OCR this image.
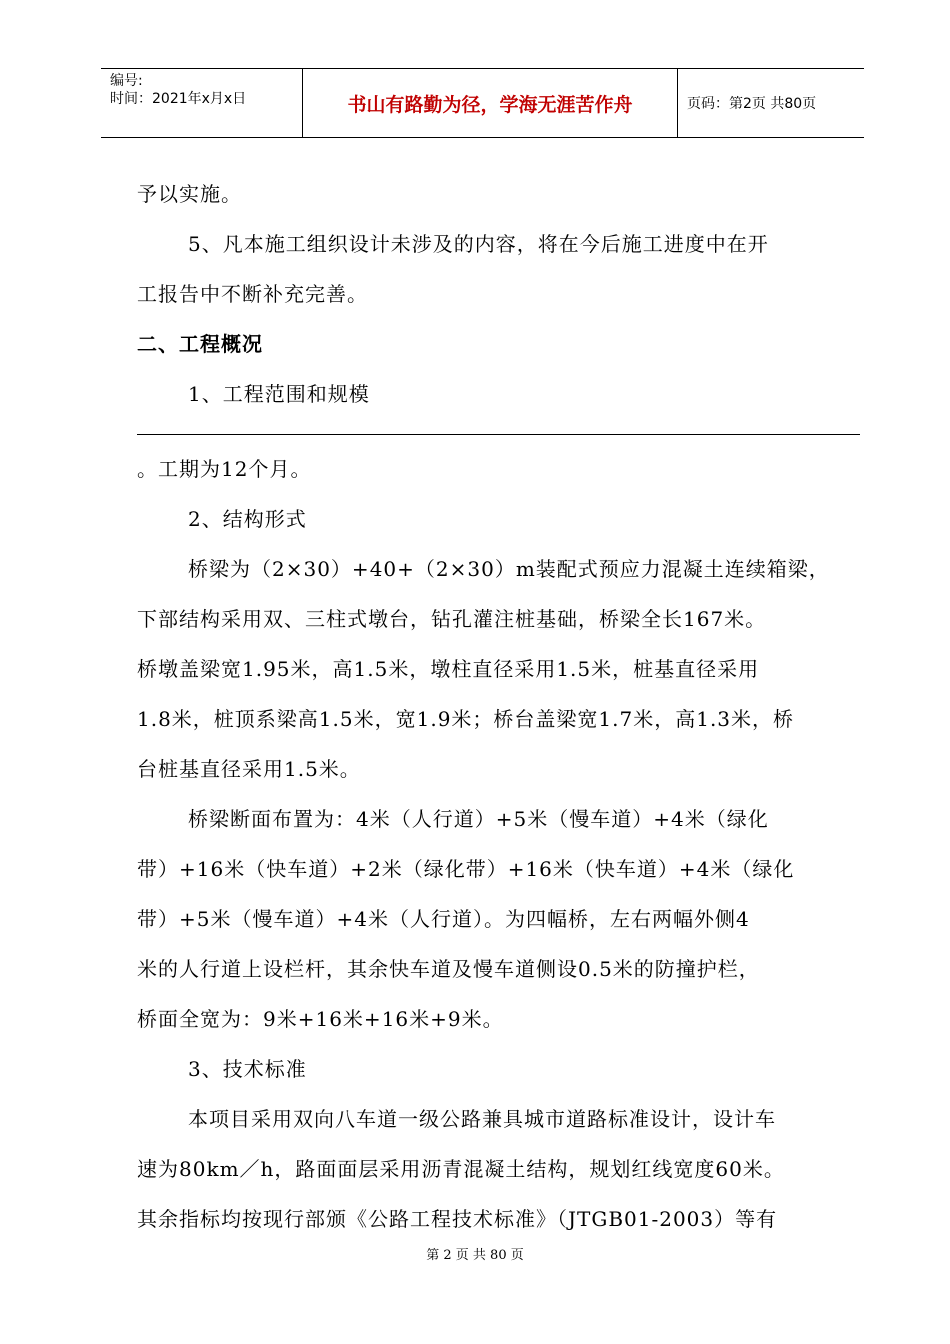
编号:
时间：2021年x月x日	书山有路勤为径，学海无涯苦作舟	页码：第2页 共80页
予以实施。
5、凡本施工组织设计未涉及的内容，将在今后施工进度中在开
工报告中不断补充完善。
二、工程概况
1、工程范围和规模
。工期为12个月。
2、结构形式
桥梁为（2×30）+40+（2×30）m装配式预应力混凝土连续箱梁，
下部结构采用双、三柱式墩台，钻孔灌注桩基础，桥梁全长167米。
桥墩盖梁宽1.95米，高1.5米，墩柱直径采用1.5米，桩基直径采用
1.8米，桩顶系梁高1.5米，宽1.9米；桥台盖梁宽1.7米，高1.3米，桥
台桩基直径采用1.5米。
桥梁断面布置为：4米（人行道）+5米（慢车道）+4米（绿化
带）+16米（快车道）+2米（绿化带）+16米（快车道）+4米（绿化
带）+5米（慢车道）+4米（人行道）。为四幅桥，左右两幅外侧4
米的人行道上设栏杆，其余快车道及慢车道侧设0.5米的防撞护栏，
桥面全宽为：9米+16米+16米+9米。
3、技术标准
本项目采用双向八车道一级公路兼具城市道路标准设计，设计车
速为80km／h，路面面层采用沥青混凝土结构，规划红线宽度60米。
其余指标均按现行部颁《公路工程技术标准》（JTGB01-2003）等有
第 2 页 共 80 页
